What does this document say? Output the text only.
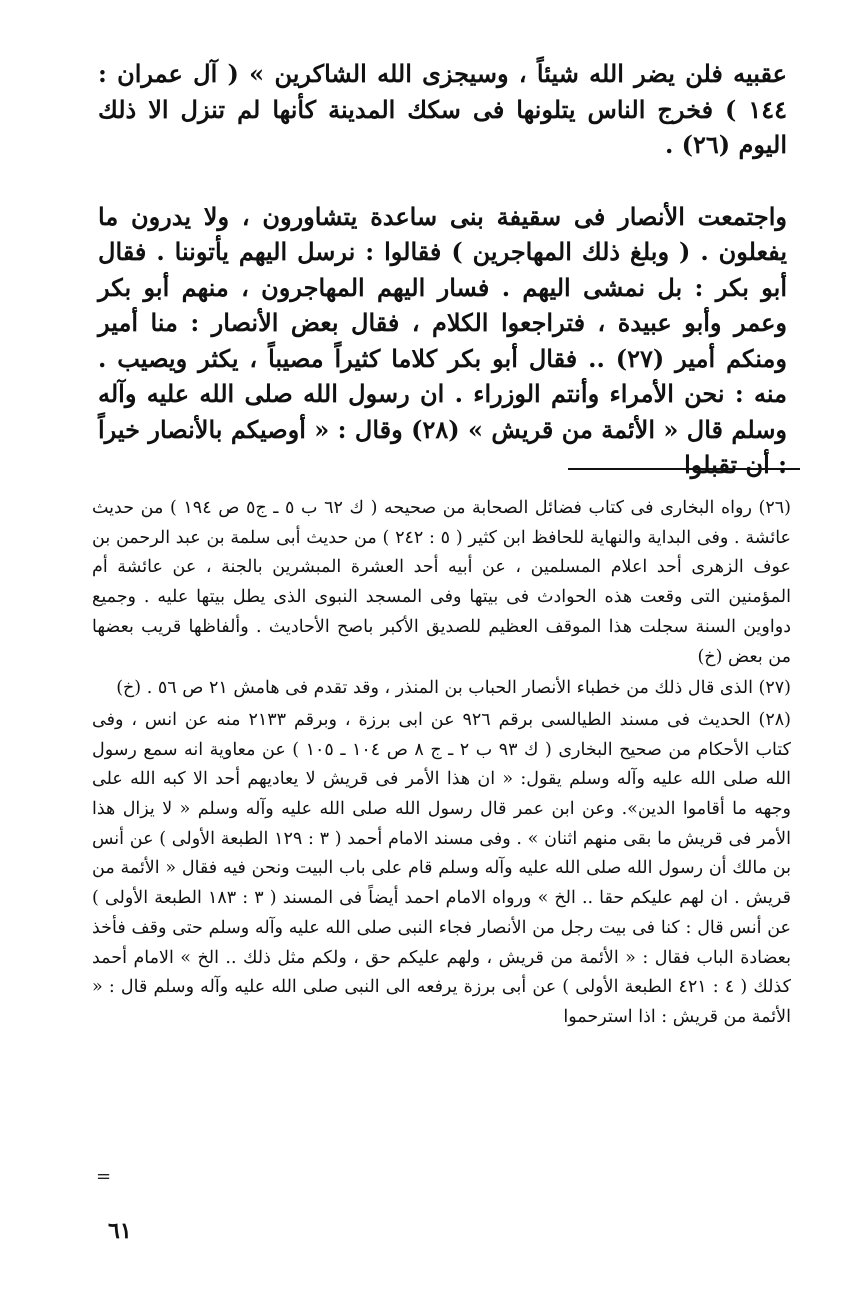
عقبيه فلن يضر الله شيئاً ، وسيجزى الله الشاكرين » ( آل عمران : ١٤٤ ) فخرج الناس يتلونها فى سكك المدينة كأنها لم تنزل الا ذلك اليوم (٢٦) .

واجتمعت الأنصار فى سقيفة بنى ساعدة يتشاورون ، ولا يدرون ما يفعلون . ( وبلغ ذلك المهاجرين ) فقالوا : نرسل اليهم يأتوننا . فقال أبو بكر : بل نمشى اليهم . فسار اليهم المهاجرون ، منهم أبو بكر وعمر وأبو عبيدة ، فتراجعوا الكلام ، فقال بعض الأنصار : منا أمير ومنكم أمير (٢٧) .. فقال أبو بكر كلاما كثيراً مصيباً ، يكثر ويصيب . منه : نحن الأمراء وأنتم الوزراء . ان رسول الله صلى الله عليه وآله وسلم قال « الأئمة من قريش » (٢٨) وقال : « أوصيكم بالأنصار خيراً : أن تقبلوا

(٢٦) رواه البخارى فى كتاب فضائل الصحابة من صحيحه ( ك ٦٢ ب ٥ ـ ج٥ ص ١٩٤ ) من حديث عائشة . وفى البداية والنهاية للحافظ ابن كثير ( ٥ : ٢٤٢ ) من حديث أبى سلمة بن عبد الرحمن بن عوف الزهرى أحد اعلام المسلمين ، عن أبيه أحد العشرة المبشرين بالجنة ، عن عائشة أم المؤمنين التى وقعت هذه الحوادث فى بيتها وفى المسجد النبوى الذى يطل بيتها عليه . وجميع دواوين السنة سجلت هذا الموقف العظيم للصديق الأكبر باصح الأحاديث . وألفاظها قريب بعضها من بعض (خ)

(٢٧) الذى قال ذلك من خطباء الأنصار الحباب بن المنذر ، وقد تقدم فى هامش ٢١ ص ٥٦ . (خ)

(٢٨) الحديث فى مسند الطيالسى برقم ٩٢٦ عن ابى برزة ، وبرقم ٢١٣٣ منه عن انس ، وفى كتاب الأحكام من صحيح البخارى ( ك ٩٣ ب ٢ ـ ج ٨ ص ١٠٤ ـ ١٠٥ ) عن معاوية انه سمع رسول الله صلى الله عليه وآله وسلم يقول: « ان هذا الأمر فى قريش لا يعاديهم أحد الا كبه الله على وجهه ما أقاموا الدين». وعن ابن عمر قال رسول الله صلى الله عليه وآله وسلم « لا يزال هذا الأمر فى قريش ما بقى منهم اثنان » . وفى مسند الامام أحمد ( ٣ : ١٢٩ الطبعة الأولى ) عن أنس بن مالك أن رسول الله صلى الله عليه وآله وسلم قام على باب البيت ونحن فيه فقال « الأئمة من قريش . ان لهم عليكم حقا .. الخ » ورواه الامام احمد أيضاً فى المسند ( ٣ : ١٨٣ الطبعة الأولى ) عن أنس قال : كنا فى بيت رجل من الأنصار فجاء النبى صلى الله عليه وآله وسلم حتى وقف فأخذ بعضادة الباب فقال : « الأئمة من قريش ، ولهم عليكم حق ، ولكم مثل ذلك .. الخ » الامام أحمد كذلك ( ٤ : ٤٢١ الطبعة الأولى ) عن أبى برزة يرفعه الى النبى صلى الله عليه وآله وسلم قال : « الأئمة من قريش : اذا استرحموا

=
٦١
